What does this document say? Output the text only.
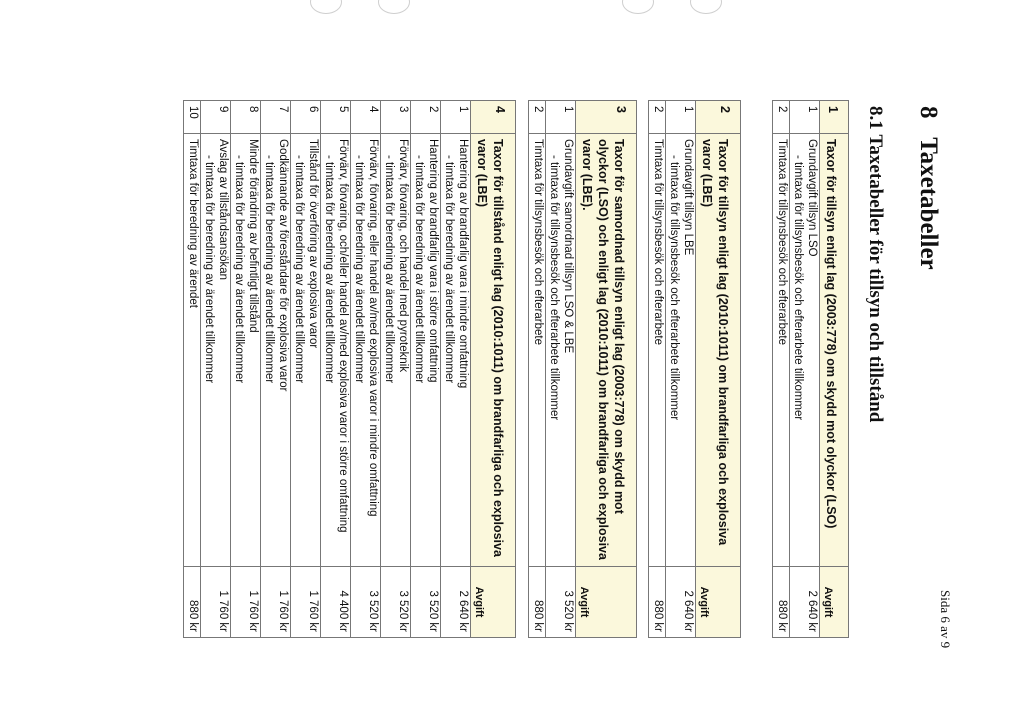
Sida 6 av 9
8   Taxetabeller
8.1 Taxetabeller för tillsyn och tillstånd
1	Taxor för tillsyn enligt lag (2003:778) om skydd mot olyckor (LSO)	Avgift
1	Grundavgift tillsyn LSO
- timtaxa för tillsynsbesök och efterarbete tillkommer	2 640 kr
2	Timtaxa för tillsynsbesök och efterarbete	880 kr
2	Taxor för tillsyn enligt lag (2010:1011) om brandfarliga och explosiva varor (LBE)	Avgift
1	Grundavgift tillsyn LBE
- timtaxa för tillsynsbesök och efterarbete tillkommer	2 640 kr
2	Timtaxa för tillsynsbesök och efterarbete	880 kr
3	Taxor för samordnad tillsyn enligt lag (2003:778) om skydd mot olyckor (LSO) och enligt lag (2010:1011) om brandfarliga och explosiva varor (LBE).	Avgift
1	Grundavgift samordnad tillsyn LSO & LBE
- timtaxa för tillsynsbesök och efterarbete tillkommer	3 520 kr
2	Timtaxa för tillsynsbesök och efterarbete	880 kr
4	Taxor för tillstånd enligt lag (2010:1011) om brandfarliga och explosiva varor (LBE)	Avgift
1	Hantering av brandfarlig vara i mindre omfattning
- timtaxa för beredning av ärendet tillkommer	2 640 kr
2	Hantering av brandfarlig vara i större omfattning
- timtaxa för beredning av ärendet tillkommer	3 520 kr
3	Förvärv, förvaring, och handel med pyroteknik
- timtaxa för beredning av ärendet tillkommer	3 520 kr
4	Förvärv, förvaring, eller handel av/med explosiva varor i mindre omfattning
- timtaxa för beredning av ärendet tillkommer	3 520 kr
5	Förvärv, förvaring, och/eller handel av/med explosiva varor i större omfattning
- timtaxa för beredning av ärendet tillkommer	4 400 kr
6	Tillstånd för överföring av explosiva varor
- timtaxa för beredning av ärendet tillkommer	1 760 kr
7	Godkännande av föreståndare för explosiva varor
- timtaxa för beredning av ärendet tillkommer	1 760 kr
8	Mindre förändring av befintligt tillstånd
- timtaxa för beredning av ärendet tillkommer	1 760 kr
9	Avslag av tillståndsansökan
- timtaxa för beredning av ärendet tillkommer	1 760 kr
10	Timtaxa för beredning av ärendet	880 kr
